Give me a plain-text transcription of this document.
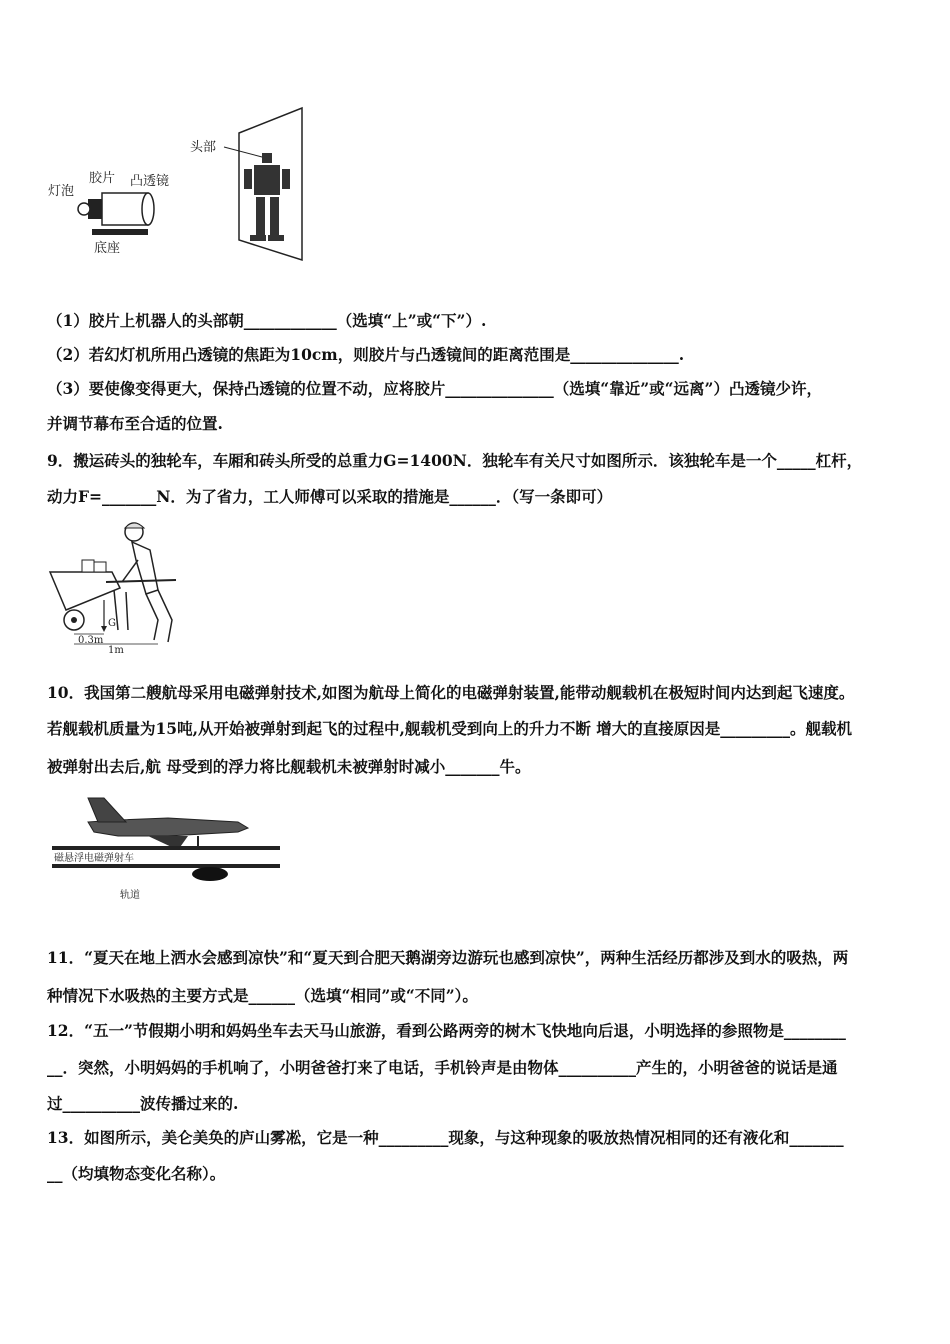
头部
胶片
灯泡
凸透镜
底座
（1）胶片上机器人的头部朝____________（选填“上”或“下”）.
（2）若幻灯机所用凸透镜的焦距为10cm，则胶片与凸透镜间的距离范围是______________.
（3）要使像变得更大，保持凸透镜的位置不动，应将胶片______________（选填“靠近”或“远离”）凸透镜少许，
并调节幕布至合适的位置.
9．搬运砖头的独轮车，车厢和砖头所受的总重力G=1400N．独轮车有关尺寸如图所示．该独轮车是一个_____杠杆，
动力F=_______N．为了省力，工人师傅可以采取的措施是______．（写一条即可）
G
0.3m
1m
10．我国第二艘航母采用电磁弹射技术,如图为航母上简化的电磁弹射装置,能带动舰载机在极短时间内达到起飞速度。
若舰载机质量为15吨,从开始被弹射到起飞的过程中,舰载机受到向上的升力不断 增大的直接原因是_________。舰载机
被弹射出去后,航 母受到的浮力将比舰载机未被弹射时减小_______牛。
磁悬浮电磁弹射车
轨道
11．“夏天在地上洒水会感到凉快”和“夏天到合肥天鹅湖旁边游玩也感到凉快”，两种生活经历都涉及到水的吸热，两
种情况下水吸热的主要方式是______（选填“相同”或“不同”）。
12．“五一”节假期小明和妈妈坐车去天马山旅游，看到公路两旁的树木飞快地向后退，小明选择的参照物是________
__．突然，小明妈妈的手机响了，小明爸爸打来了电话，手机铃声是由物体__________产生的，小明爸爸的说话是通
过__________波传播过来的.
13．如图所示，美仑美奂的庐山雾凇，它是一种_________现象，与这种现象的吸放热情况相同的还有液化和_______
__（均填物态变化名称）。
